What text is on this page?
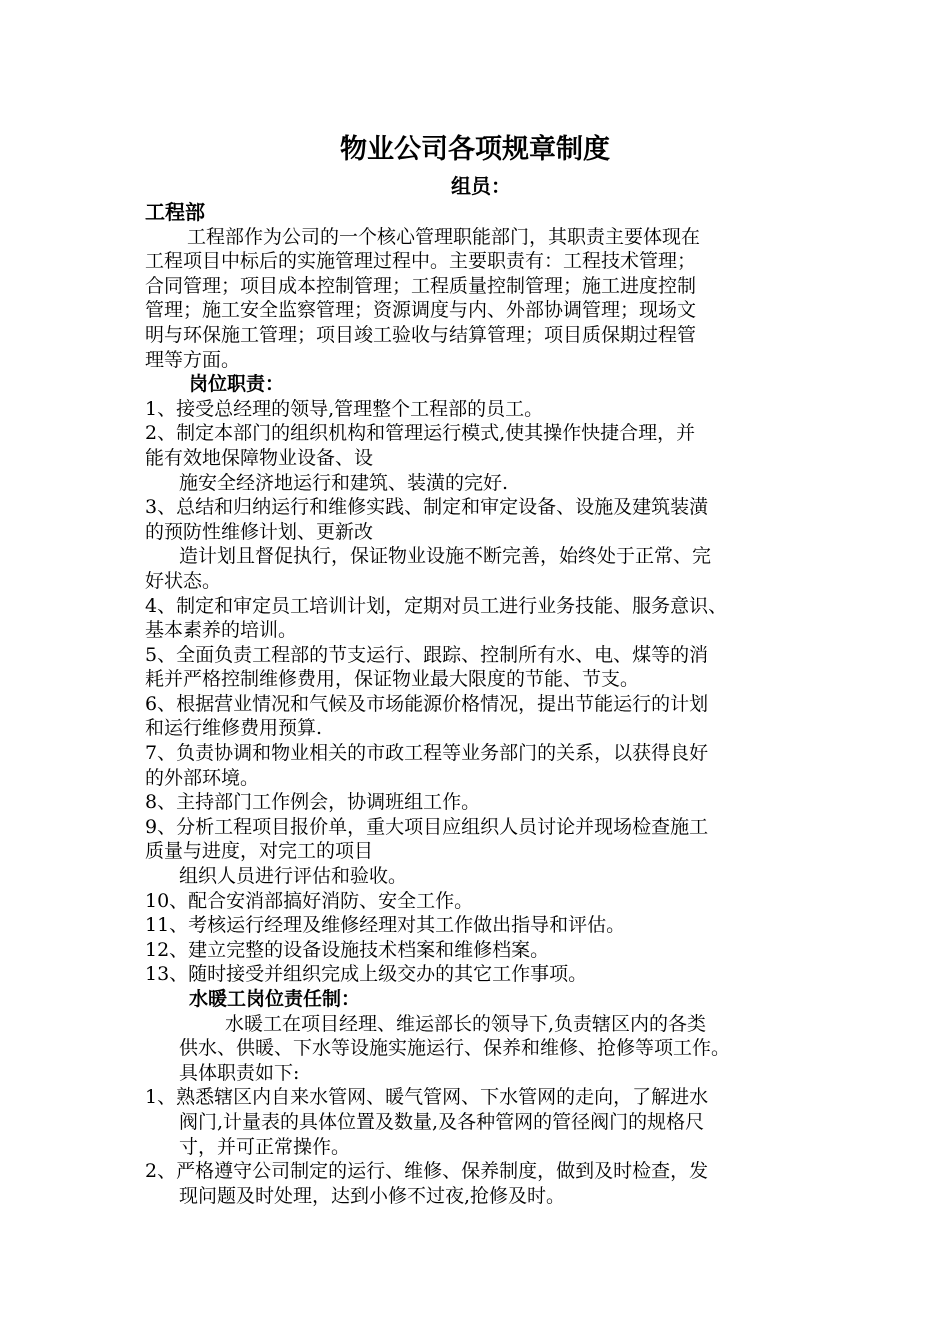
物业公司各项规章制度
组员：
工程部
工程部作为公司的一个核心管理职能部门，其职责主要体现在
工程项目中标后的实施管理过程中。主要职责有：工程技术管理；
合同管理；项目成本控制管理；工程质量控制管理；施工进度控制
管理；施工安全监察管理；资源调度与内、外部协调管理；现场文
明与环保施工管理；项目竣工验收与结算管理；项目质保期过程管
理等方面。
岗位职责：
1、接受总经理的领导,管理整个工程部的员工。
2、制定本部门的组织机构和管理运行模式,使其操作快捷合理，并
能有效地保障物业设备、设
施安全经济地运行和建筑、装潢的完好.
3、总结和归纳运行和维修实践、制定和审定设备、设施及建筑装潢
的预防性维修计划、更新改
造计划且督促执行，保证物业设施不断完善，始终处于正常、完
好状态。
4、制定和审定员工培训计划，定期对员工进行业务技能、服务意识、
基本素养的培训。
5、全面负责工程部的节支运行、跟踪、控制所有水、电、煤等的消
耗并严格控制维修费用，保证物业最大限度的节能、节支。
6、根据营业情况和气候及市场能源价格情况，提出节能运行的计划
和运行维修费用预算.
7、负责协调和物业相关的市政工程等业务部门的关系，以获得良好
的外部环境。
8、主持部门工作例会，协调班组工作。
9、分析工程项目报价单，重大项目应组织人员讨论并现场检查施工
质量与进度，对完工的项目
组织人员进行评估和验收。
10、配合安消部搞好消防、安全工作。
11、考核运行经理及维修经理对其工作做出指导和评估。
12、建立完整的设备设施技术档案和维修档案。
13、随时接受并组织完成上级交办的其它工作事项。
水暖工岗位责任制：
水暖工在项目经理、维运部长的领导下,负责辖区内的各类
供水、供暖、下水等设施实施运行、保养和维修、抢修等项工作。
具体职责如下:
1、熟悉辖区内自来水管网、暖气管网、下水管网的走向，了解进水
阀门,计量表的具体位置及数量,及各种管网的管径阀门的规格尺
寸，并可正常操作。
2、严格遵守公司制定的运行、维修、保养制度，做到及时检查，发
现问题及时处理，达到小修不过夜,抢修及时。
